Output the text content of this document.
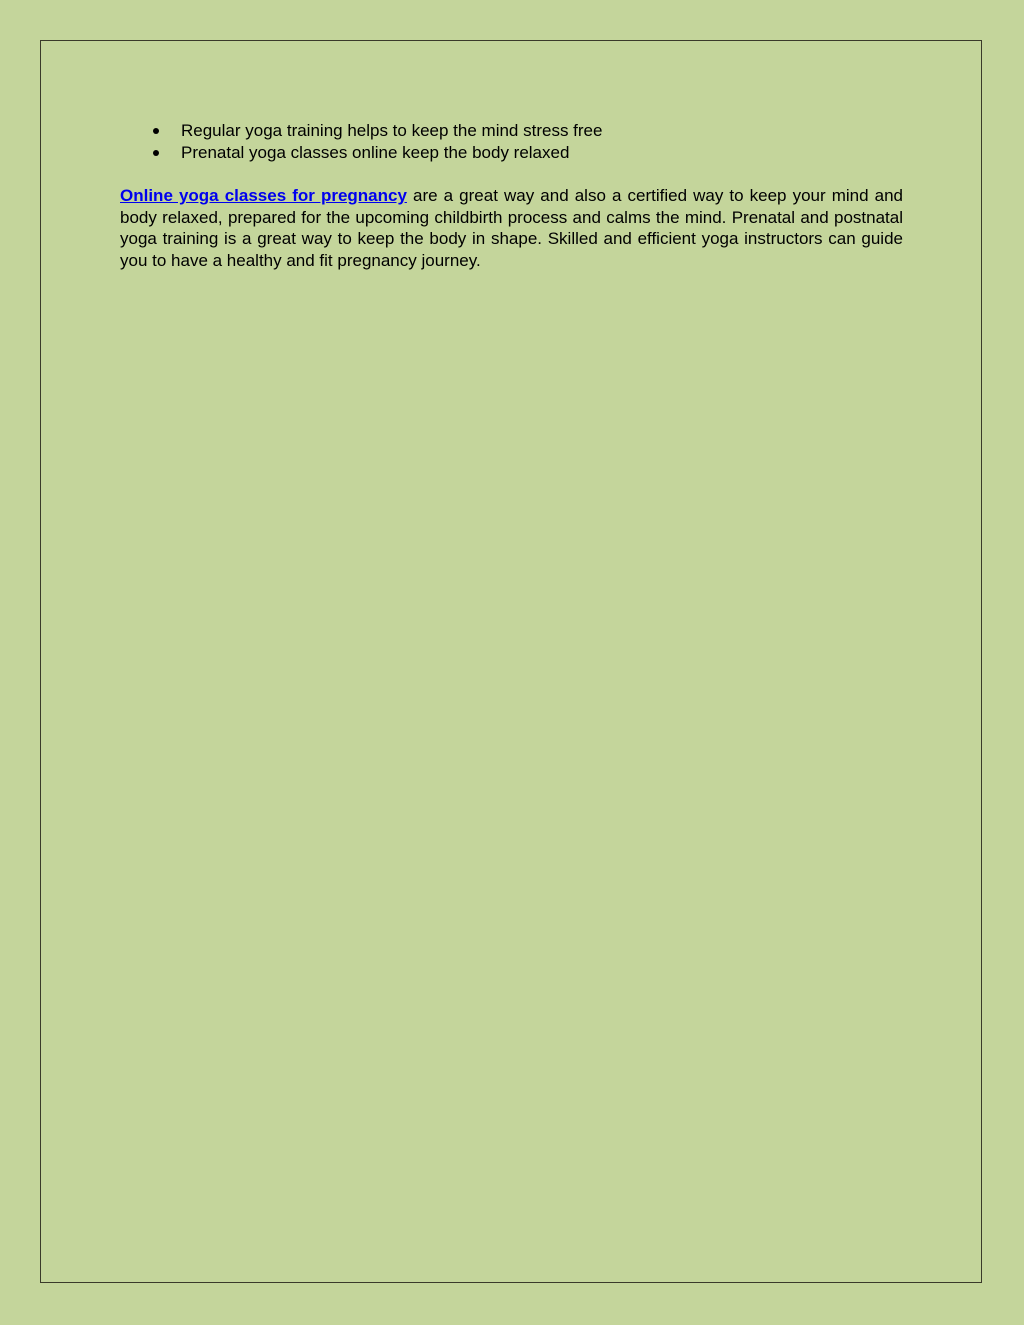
Regular yoga training helps to keep the mind stress free
Prenatal yoga classes online keep the body relaxed

Online yoga classes for pregnancy are a great way and also a certified way to keep your mind and body relaxed, prepared for the upcoming childbirth process and calms the mind. Prenatal and postnatal yoga training is a great way to keep the body in shape. Skilled and efficient yoga instructors can guide you to have a healthy and fit pregnancy journey.
